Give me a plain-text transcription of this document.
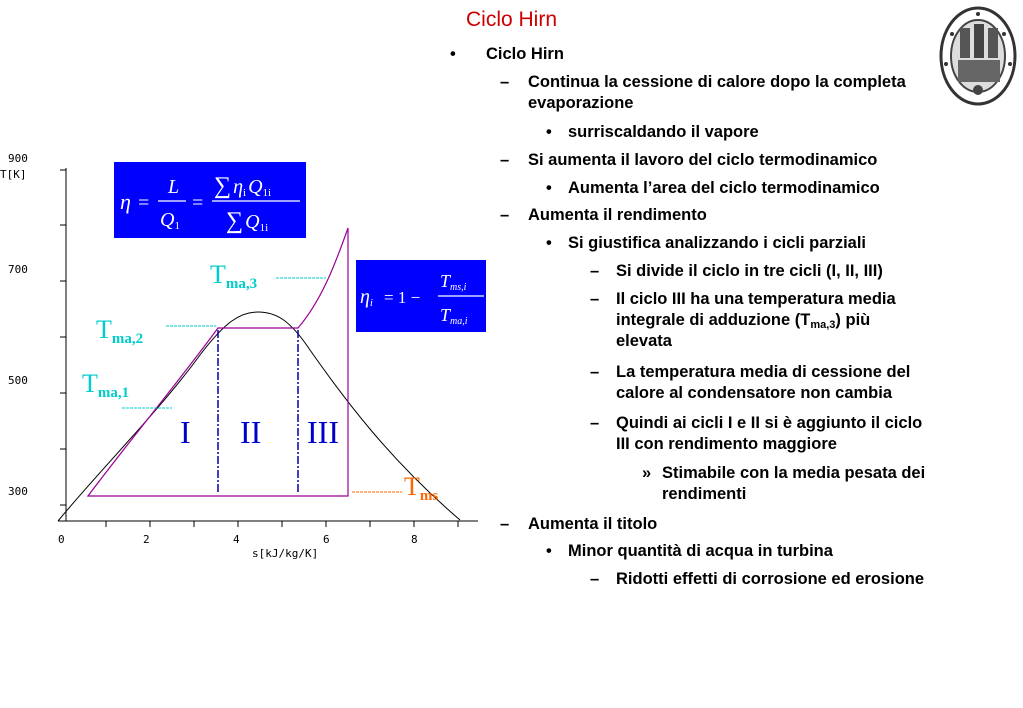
Ciclo Hirn
• Ciclo Hirn
– Continua la cessione di calore dopo la completa
evaporazione
• surriscaldando il vapore
– Si aumenta il lavoro del ciclo termodinamico
• Aumenta l’area del ciclo termodinamico
– Aumenta il rendimento
• Si giustifica analizzando i cicli parziali
– Si divide il ciclo in tre cicli (I, II, III)
– Il ciclo III ha una temperatura media
integrale di adduzione $(T_{ma,3})$ più
elevata
– La temperatura media di cessione del
calore al condensatore non cambia
– Quindi ai cicli I e II si è aggiunto il ciclo
III con rendimento maggiore
» Stimabile con la media pesata dei
rendimenti
– Aumenta il titolo
• Minor quantità di acqua in turbina
– Ridotti effetti di corrosione ed erosione
900
T[K]
700
500
300
0	2	4	6	8
s[kJ/kg/K]
I II III
Tma,3
Tma,2
Tma,1
Tms
η =
L
Q1
=
∑ ηi Q1i
∑ Q1i
ηi = 1 −
Tms,i
Tma,i
